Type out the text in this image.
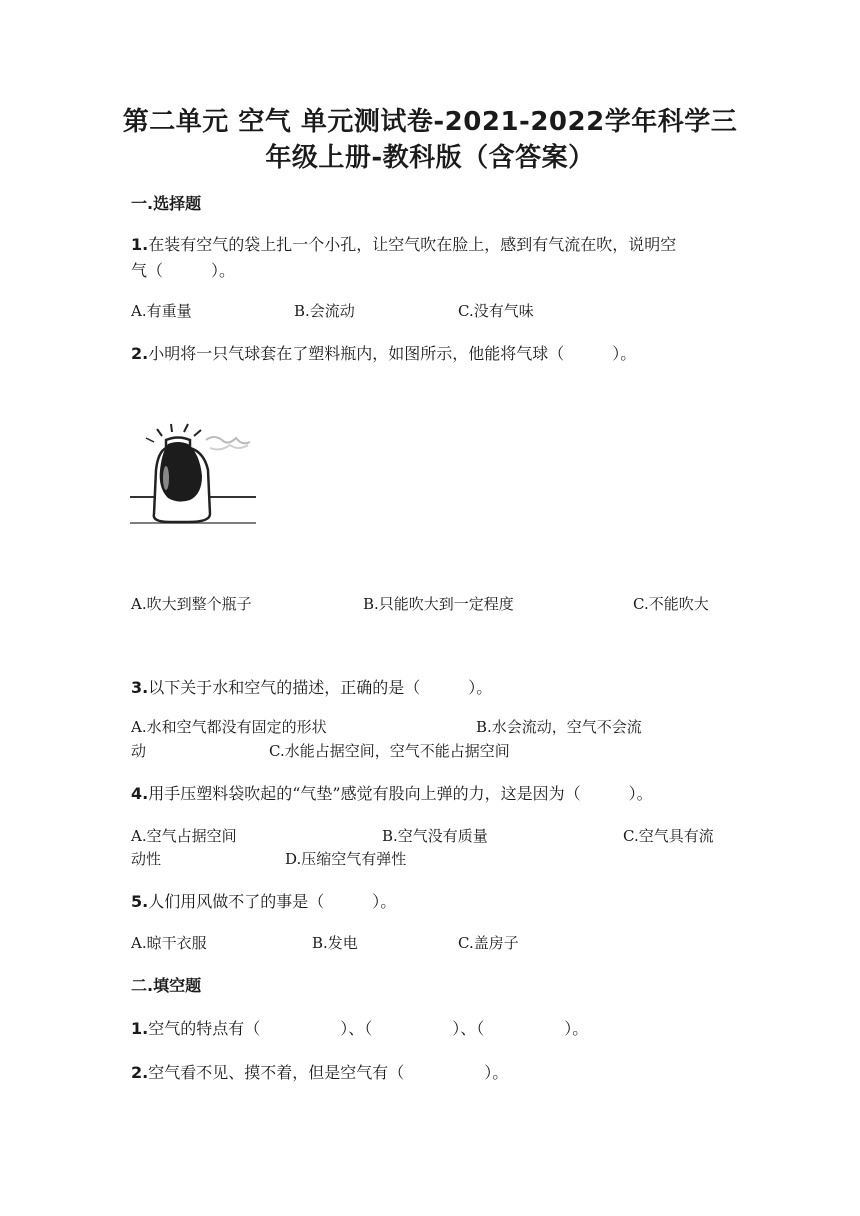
第二单元 空气 单元测试卷-2021-2022学年科学三
年级上册-教科版（含答案）
一.选择题
1.在装有空气的袋上扎一个小孔，让空气吹在脸上，感到有气流在吹，说明空
气（　　　）。
A.有重量	B.会流动	C.没有气味
2.小明将一只气球套在了塑料瓶内，如图所示，他能将气球（　　　）。
A.吹大到整个瓶子	B.只能吹大到一定程度	C.不能吹大
3.以下关于水和空气的描述，正确的是（　　　）。
A.水和空气都没有固定的形状	B.水会流动，空气不会流
动	C.水能占据空间，空气不能占据空间
4.用手压塑料袋吹起的“气垫”感觉有股向上弹的力，这是因为（　　　）。
A.空气占据空间	B.空气没有质量	C.空气具有流
动性	D.压缩空气有弹性
5.人们用风做不了的事是（　　　）。
A.晾干衣服	B.发电	C.盖房子
二.填空题
1.空气的特点有（　　　　　）、（　　　　　）、（　　　　　）。
2.空气看不见、摸不着，但是空气有（　　　　　）。
